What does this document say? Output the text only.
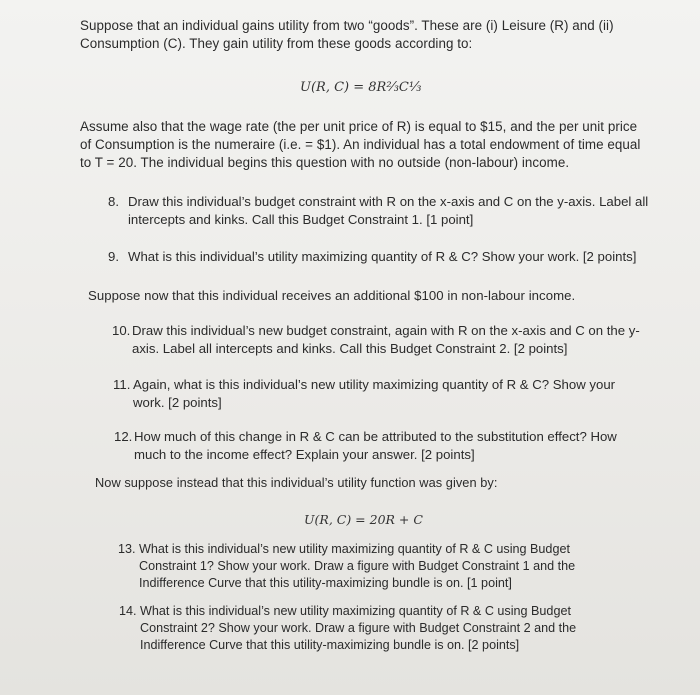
Suppose that an individual gains utility from two “goods”. These are (i) Leisure (R) and (ii)
Consumption (C). They gain utility from these goods according to:
U(R, C) = 8R²⁄₃C¹⁄₃
Assume also that the wage rate (the per unit price of R) is equal to $15, and the per unit price
of Consumption is the numeraire (i.e. = $1). An individual has a total endowment of time equal
to T = 20. The individual begins this question with no outside (non-labour) income.
8. Draw this individual’s budget constraint with R on the x-axis and C on the y-axis. Label all
intercepts and kinks. Call this Budget Constraint 1. [1 point]
9. What is this individual’s utility maximizing quantity of R & C? Show your work. [2 points]
Suppose now that this individual receives an additional $100 in non-labour income.
10. Draw this individual’s new budget constraint, again with R on the x-axis and C on the y-
axis. Label all intercepts and kinks. Call this Budget Constraint 2. [2 points]
11. Again, what is this individual’s new utility maximizing quantity of R & C? Show your
work. [2 points]
12. How much of this change in R & C can be attributed to the substitution effect? How
much to the income effect? Explain your answer. [2 points]
Now suppose instead that this individual’s utility function was given by:
U(R, C) = 20R + C
13. What is this individual’s new utility maximizing quantity of R & C using Budget
Constraint 1? Show your work. Draw a figure with Budget Constraint 1 and the
Indifference Curve that this utility-maximizing bundle is on. [1 point]
14. What is this individual’s new utility maximizing quantity of R & C using Budget
Constraint 2? Show your work. Draw a figure with Budget Constraint 2 and the
Indifference Curve that this utility-maximizing bundle is on. [2 points]
